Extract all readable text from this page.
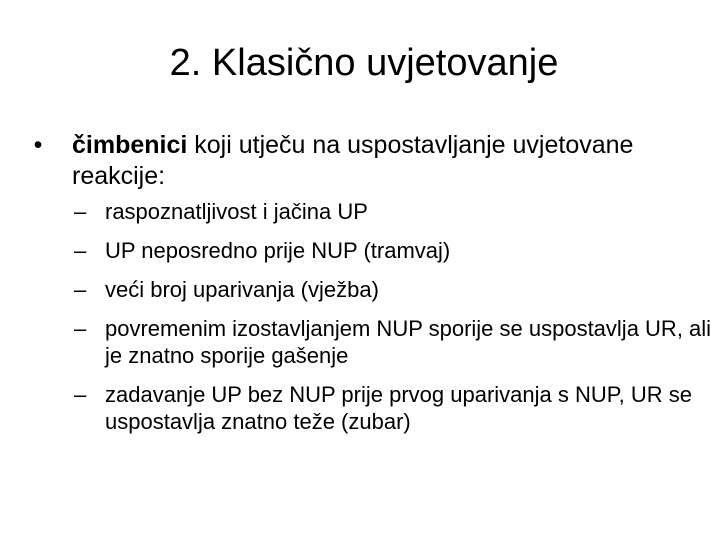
2. Klasično uvjetovanje

•	čimbenici koji utječu na uspostavljanje uvjetovane reakcije:

– raspoznatljivost i jačina UP
– UP neposredno prije NUP (tramvaj)
– veći broj uparivanja (vježba)
– povremenim izostavljanjem NUP sporije se uspostavlja UR, ali je znatno sporije gašenje
– zadavanje UP bez NUP prije prvog uparivanja s NUP, UR se uspostavlja znatno teže (zubar)
